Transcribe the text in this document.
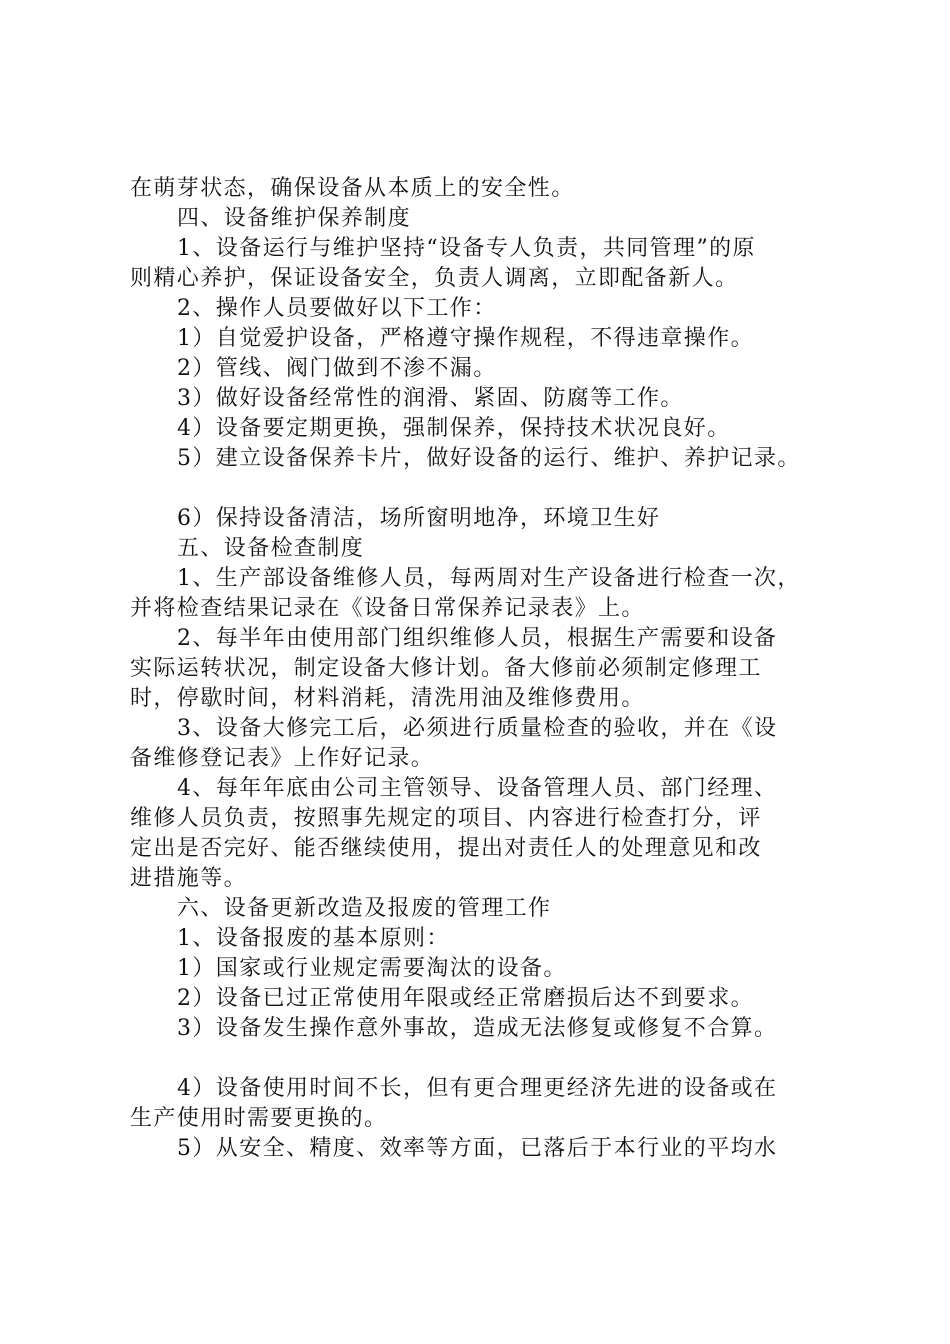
在萌芽状态，确保设备从本质上的安全性。
四、设备维护保养制度
1、设备运行与维护坚持“设备专人负责，共同管理”的原
则精心养护，保证设备安全，负责人调离，立即配备新人。
2、操作人员要做好以下工作：
1）自觉爱护设备，严格遵守操作规程，不得违章操作。
2）管线、阀门做到不渗不漏。
3）做好设备经常性的润滑、紧固、防腐等工作。
4）设备要定期更换，强制保养，保持技术状况良好。
5）建立设备保养卡片，做好设备的运行、维护、养护记录。
6）保持设备清洁，场所窗明地净，环境卫生好
五、设备检查制度
1、生产部设备维修人员，每两周对生产设备进行检查一次，
并将检查结果记录在《设备日常保养记录表》上。
2、每半年由使用部门组织维修人员，根据生产需要和设备
实际运转状况，制定设备大修计划。备大修前必须制定修理工
时，停歇时间，材料消耗，清洗用油及维修费用。
3、设备大修完工后，必须进行质量检查的验收，并在《设
备维修登记表》上作好记录。
4、每年年底由公司主管领导、设备管理人员、部门经理、
维修人员负责，按照事先规定的项目、内容进行检查打分，评
定出是否完好、能否继续使用，提出对责任人的处理意见和改
进措施等。
六、设备更新改造及报废的管理工作
1、设备报废的基本原则：
1）国家或行业规定需要淘汰的设备。
2）设备已过正常使用年限或经正常磨损后达不到要求。
3）设备发生操作意外事故，造成无法修复或修复不合算。
4）设备使用时间不长，但有更合理更经济先进的设备或在
生产使用时需要更换的。
5）从安全、精度、效率等方面，已落后于本行业的平均水
